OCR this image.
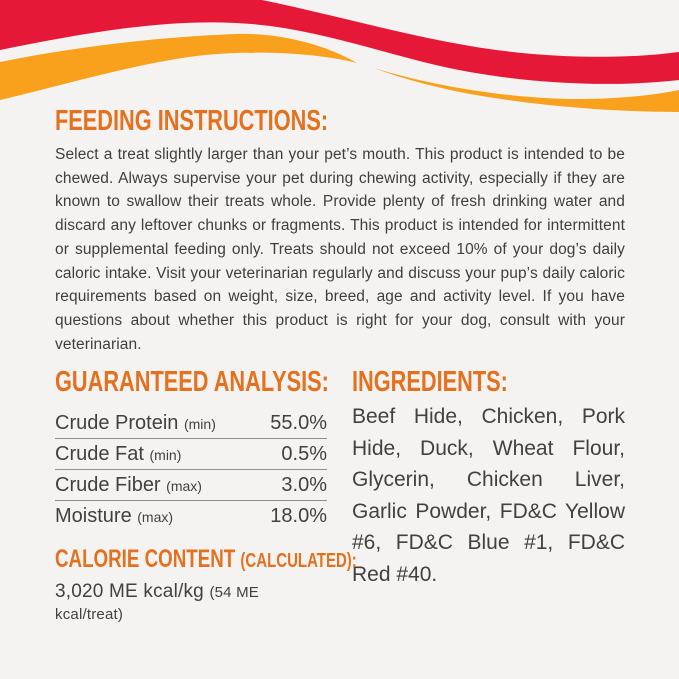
FEEDING INSTRUCTIONS:

Select a treat slightly larger than your pet’s mouth. This product is intended to be chewed. Always supervise your pet during chewing activity, especially if they are known to swallow their treats whole. Provide plenty of fresh drinking water and discard any leftover chunks or fragments. This product is intended for intermittent or supplemental feeding only. Treats should not exceed 10% of your dog’s daily caloric intake. Visit your veterinarian regularly and discuss your pup’s daily caloric requirements based on weight, size, breed, age and activity level. If you have questions about whether this product is right for your dog, consult with your veterinarian.

GUARANTEED ANALYSIS:
Crude Protein (min)	55.0%
Crude Fat (min)	0.5%
Crude Fiber (max)	3.0%
Moisture (max)	18.0%
CALORIE CONTENT (CALCULATED):

3,020 ME kcal/kg (54 ME kcal/treat)

INGREDIENTS:

Beef Hide, Chicken, Pork Hide, Duck, Wheat Flour, Glycerin, Chicken Liver, Garlic Powder, FD&C Yellow #6, FD&C Blue #1, FD&C Red #40.
